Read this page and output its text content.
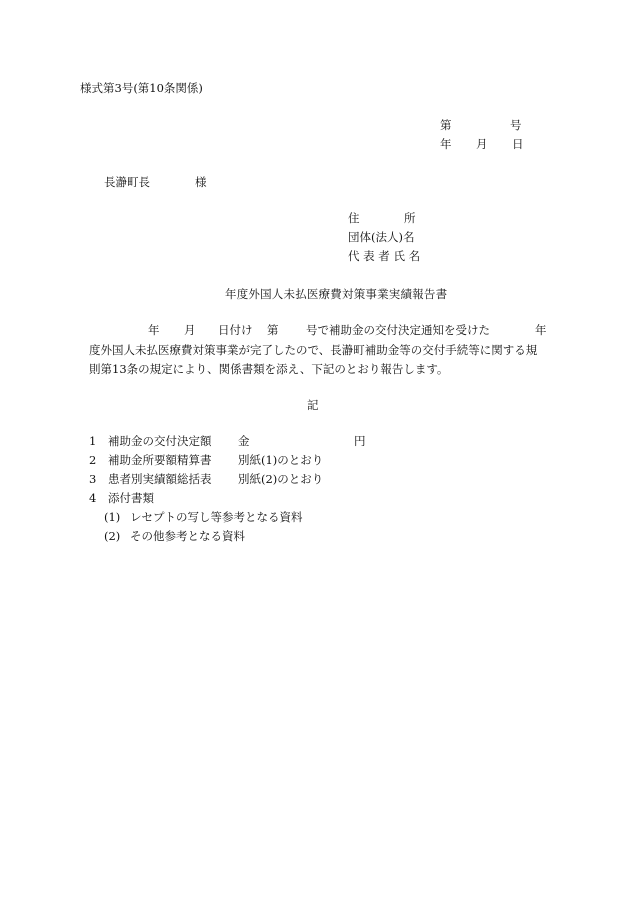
様式第3号(第10条関係)
第	号
年 月 日
長瀞町長	様
住	所
団体(法人)名
代 表 者 氏 名
年度外国人未払医療費対策事業実績報告書
年 月 日付け 第 号で補助金の交付決定通知を受けた	年
度外国人未払医療費対策事業が完了したので、長瀞町補助金等の交付手続等に関する規
則第13条の規定により、関係書類を添え、下記のとおり報告します。
記
1 補助金の交付決定額 金	円
2 補助金所要額精算書 別紙(1)のとおり
3 患者別実績額総括表 別紙(2)のとおり
4 添付書類
(1) レセプトの写し等参考となる資料
(2) その他参考となる資料
